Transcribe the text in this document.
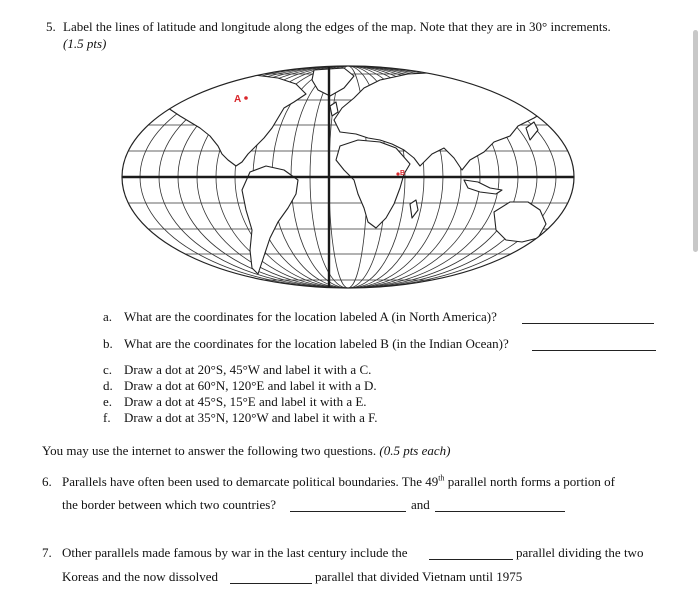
5. Label the lines of latitude and longitude along the edges of the map. Note that they are in 30° increments.
(1.5 pts)
A
B
a. What are the coordinates for the location labeled A (in North America)?
b. What are the coordinates for the location labeled B (in the Indian Ocean)?
c. Draw a dot at 20°S, 45°W and label it with a C.
d. Draw a dot at 60°N, 120°E and label it with a D.
e. Draw a dot at 45°S, 15°E and label it with a E.
f. Draw a dot at 35°N, 120°W and label it with a F.
You may use the internet to answer the following two questions. (0.5 pts each)
6. Parallels have often been used to demarcate political boundaries. The 49th parallel north forms a portion of
the border between which two countries?	and
7. Other parallels made famous by war in the last century include the	parallel dividing the two
Koreas and the now dissolved	parallel that divided Vietnam until 1975
